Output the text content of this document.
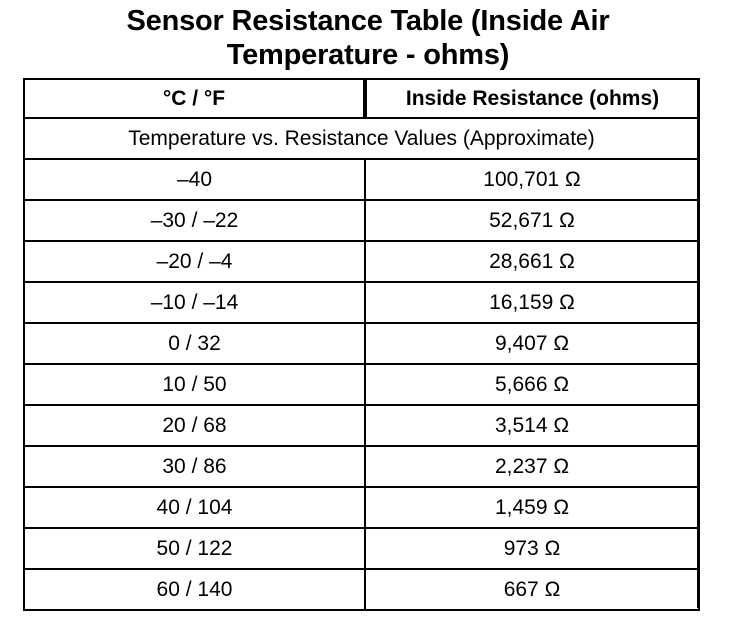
Sensor Resistance Table (Inside Air
Temperature - ohms)
°C / °F	Inside Resistance (ohms)
Temperature vs. Resistance Values (Approximate)	
–40	100,701 Ω
–30 / –22	52,671 Ω
–20 / –4	28,661 Ω
–10 / –14	16,159 Ω
0 / 32	9,407 Ω
10 / 50	5,666 Ω
20 / 68	3,514 Ω
30 / 86	2,237 Ω
40 / 104	1,459 Ω
50 / 122	973 Ω
60 / 140	667 Ω
